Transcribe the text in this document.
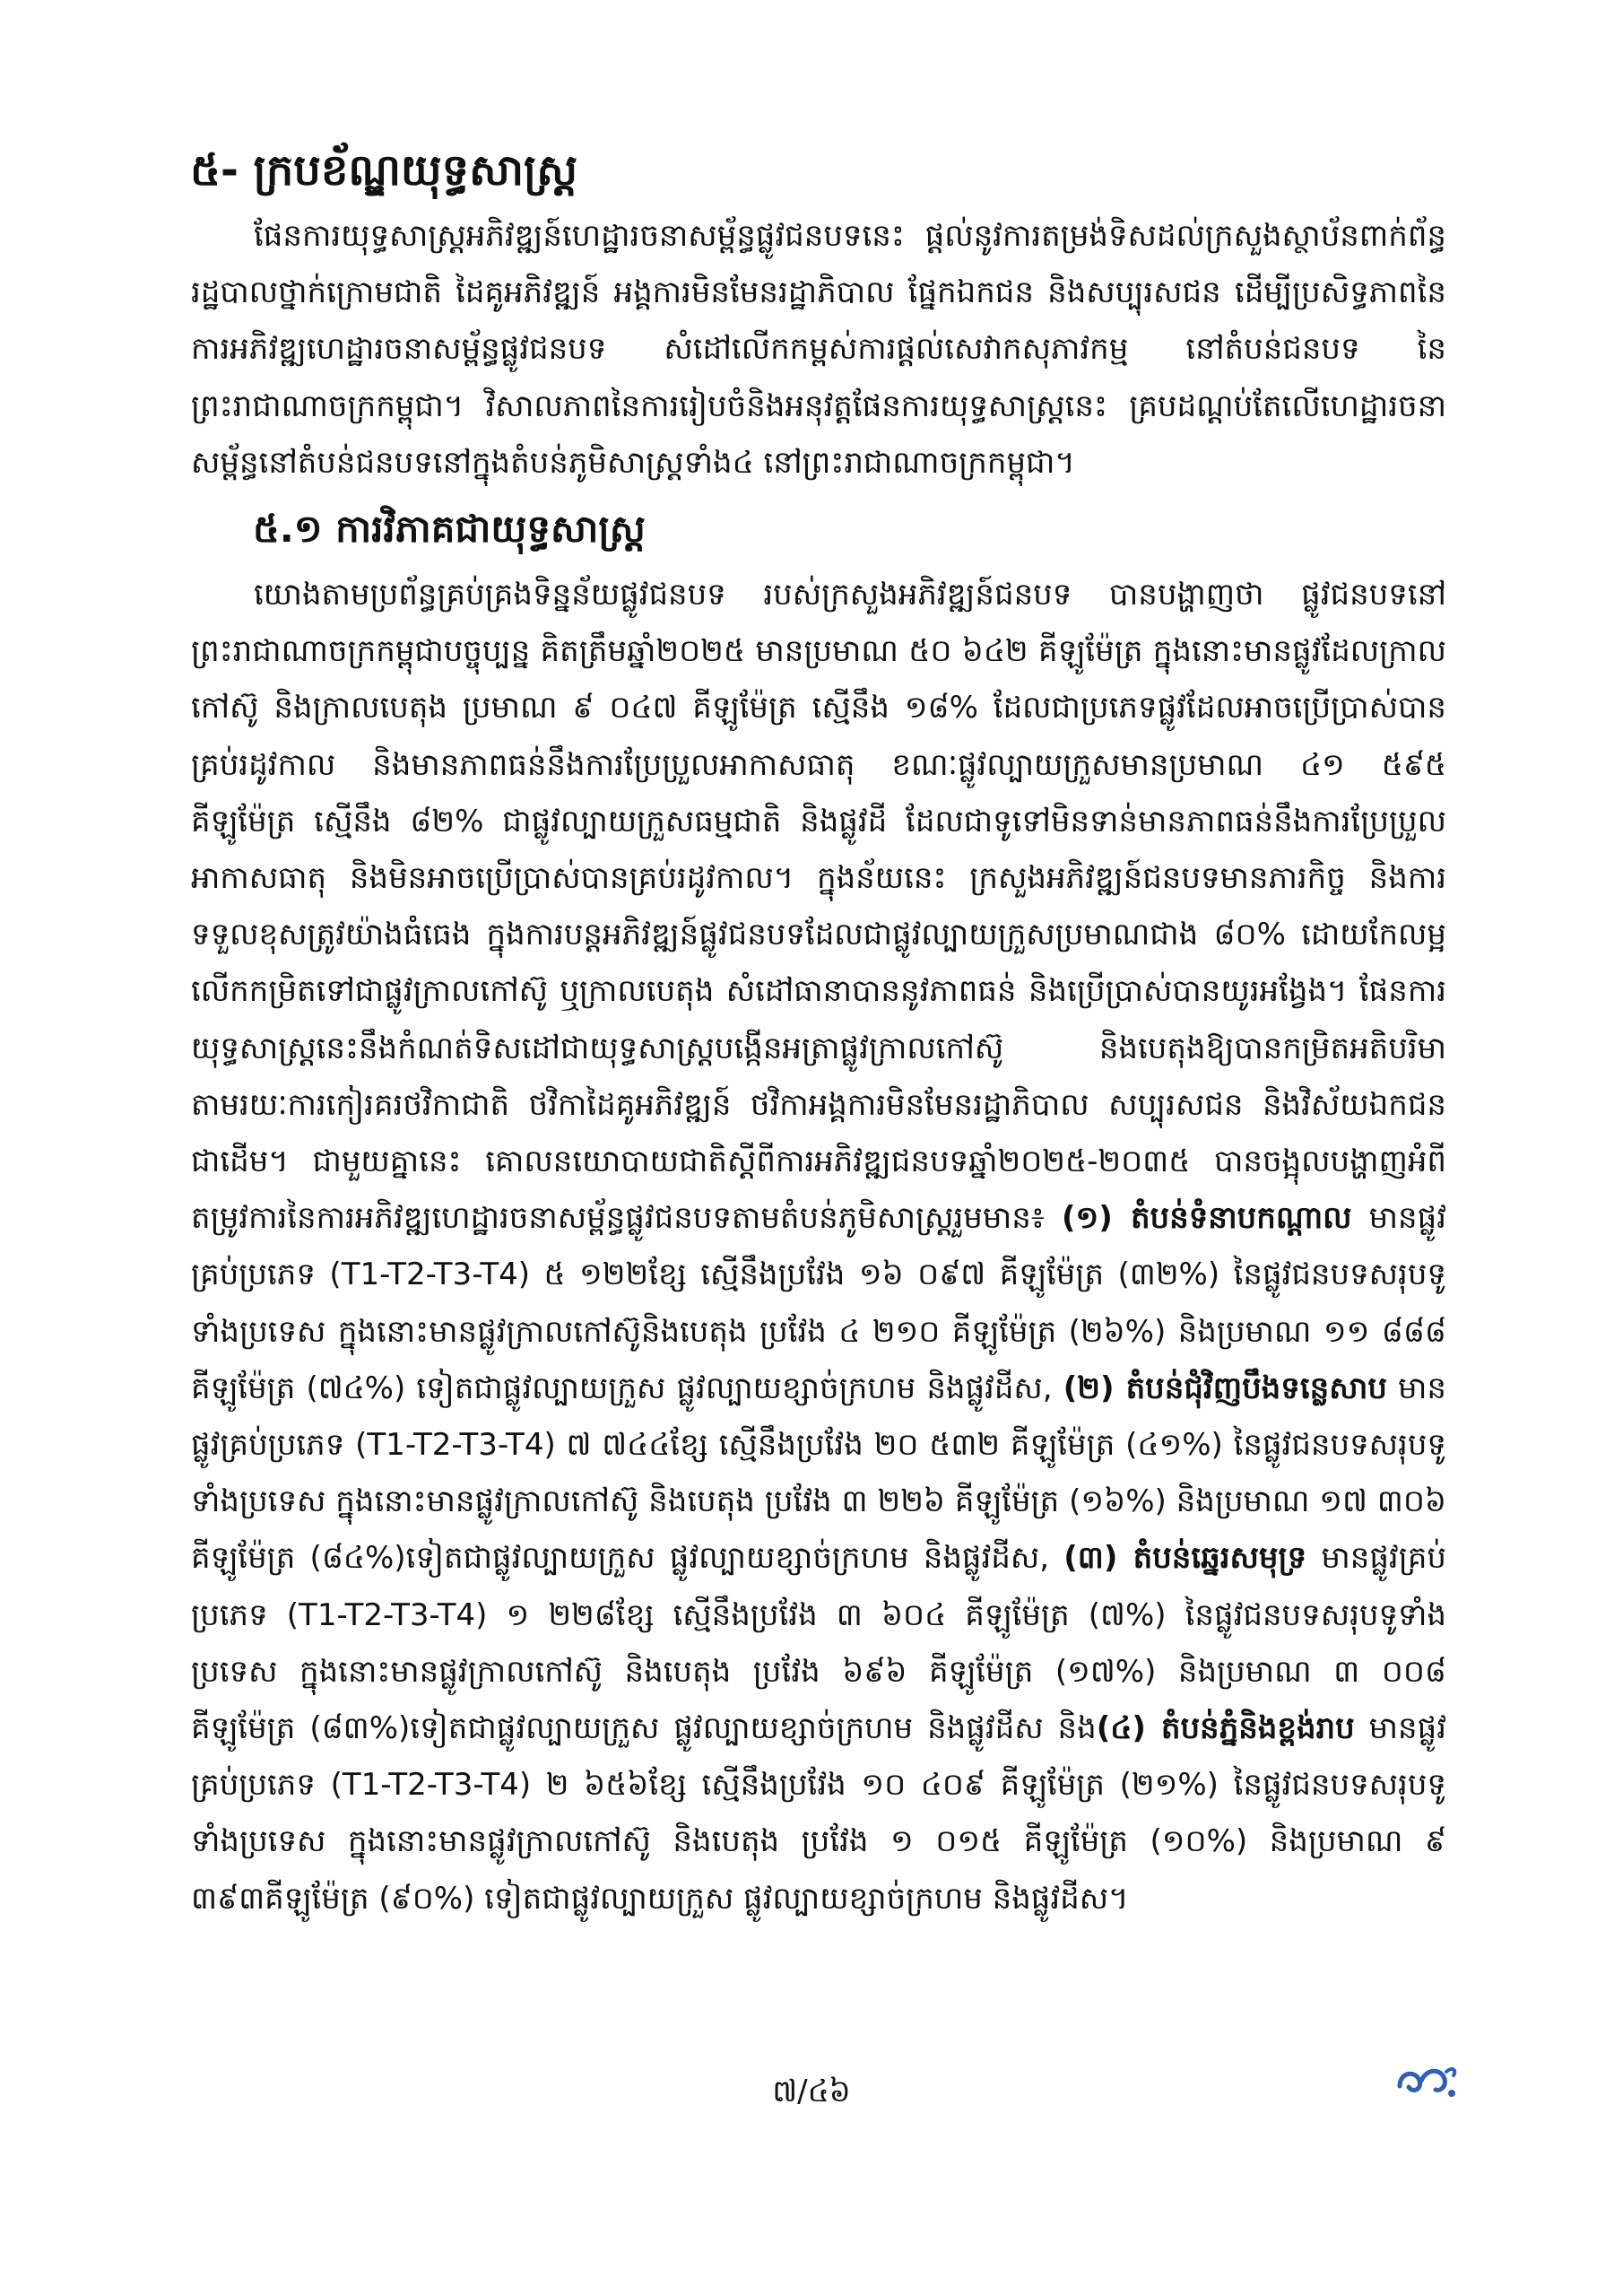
៥- ក្របខ័ណ្ឌយុទ្ធសាស្ត្រ

ផែនការយុទ្ធសាស្ត្រអភិវឌ្ឍន៍ហេដ្ឋារចនាសម្ព័ន្ធផ្លូវជនបទនេះ ផ្តល់នូវការតម្រង់ទិសដល់ក្រសួងស្ថាប័នពាក់ព័ន្ធ រដ្ឋបាលថ្នាក់ក្រោមជាតិ ដៃគូអភិវឌ្ឍន៍ អង្គការមិនមែនរដ្ឋាភិបាល ផ្នែកឯកជន និងសប្បុរសជន ដើម្បីប្រសិទ្ធភាពនៃការអភិវឌ្ឍហេដ្ឋារចនាសម្ព័ន្ធផ្លូវជនបទ សំដៅលើកកម្ពស់ការផ្តល់សេវាកសុភាវកម្ម នៅតំបន់ជនបទ នៃព្រះរាជាណាចក្រកម្ពុជា។ វិសាលភាពនៃការរៀបចំនិងអនុវត្តផែនការយុទ្ធសាស្ត្រនេះ គ្របដណ្តប់តែលើហេដ្ឋារចនាសម្ព័ន្ធនៅតំបន់ជនបទនៅក្នុងតំបន់ភូមិសាស្ត្រទាំង៤ នៅព្រះរាជាណាចក្រកម្ពុជា។

៥.១ ការវិភាគជាយុទ្ធសាស្ត្រ

យោងតាមប្រព័ន្ធគ្រប់គ្រងទិន្នន័យផ្លូវជនបទ របស់ក្រសួងអភិវឌ្ឍន៍ជនបទ បានបង្ហាញថា ផ្លូវជនបទនៅព្រះរាជាណាចក្រកម្ពុជាបច្ចុប្បន្ន គិតត្រឹមឆ្នាំ២០២៥ មានប្រមាណ ៥០ ៦៤២ គីឡូម៉ែត្រ ក្នុងនោះមានផ្លូវដែលក្រាលកៅស៊ូ និងក្រាលបេតុង ប្រមាណ ៩ ០៤៧ គីឡូម៉ែត្រ ស្មើនឹង ១៨% ដែលជាប្រភេទផ្លូវដែលអាចប្រើប្រាស់បានគ្រប់រដូវកាល និងមានភាពធន់នឹងការប្រែប្រួលអាកាសធាតុ ខណៈផ្លូវល្បាយក្រួសមានប្រមាណ ៤១ ៥៩៥ គីឡូម៉ែត្រ ស្មើនឹង ៨២% ជាផ្លូវល្បាយក្រួសធម្មជាតិ និងផ្លូវដី ដែលជាទូទៅមិនទាន់មានភាពធន់នឹងការប្រែប្រួលអាកាសធាតុ និងមិនអាចប្រើប្រាស់បានគ្រប់រដូវកាល។ ក្នុងន័យនេះ ក្រសួងអភិវឌ្ឍន៍ជនបទមានភារកិច្ច និងការទទួលខុសត្រូវយ៉ាងធំធេង ក្នុងការបន្តអភិវឌ្ឍន៍ផ្លូវជនបទដែលជាផ្លូវល្បាយក្រួសប្រមាណជាង ៨០% ដោយកែលម្អលើកកម្រិតទៅជាផ្លូវក្រាលកៅស៊ូ ឬក្រាលបេតុង សំដៅធានាបាននូវភាពធន់ និងប្រើប្រាស់បានយូរអង្វែង។ ផែនការយុទ្ធសាស្ត្រនេះនឹងកំណត់ទិសដៅជាយុទ្ធសាស្ត្របង្កើនអត្រាផ្លូវក្រាលកៅស៊ូ និងបេតុងឱ្យបានកម្រិតអតិបរិមា តាមរយៈការកៀរគរថវិកាជាតិ ថវិកាដៃគូអភិវឌ្ឍន៍ ថវិកាអង្គការមិនមែនរដ្ឋាភិបាល សប្បុរសជន និងវិស័យឯកជនជាដើម។ ជាមួយគ្នានេះ គោលនយោបាយជាតិស្តីពីការអភិវឌ្ឍជនបទឆ្នាំ២០២៥-២០៣៥ បានចង្អុលបង្ហាញអំពីតម្រូវការនៃការអភិវឌ្ឍហេដ្ឋារចនាសម្ព័ន្ធផ្លូវជនបទតាមតំបន់ភូមិសាស្ត្ររួមមាន៖ (១) តំបន់ទំនាបកណ្តាល មានផ្លូវគ្រប់ប្រភេទ (T1-T2-T3-T4) ៥ ១២២ខ្សែ ស្មើនឹងប្រវែង ១៦ ០៩៧ គីឡូម៉ែត្រ (៣២%) នៃផ្លូវជនបទសរុបទូទាំងប្រទេស ក្នុងនោះមានផ្លូវក្រាលកៅស៊ូនិងបេតុង ប្រវែង ៤ ២១០ គីឡូម៉ែត្រ (២៦%) និងប្រមាណ ១១ ៨៨៨ គីឡូម៉ែត្រ (៧៤%) ទៀតជាផ្លូវល្បាយក្រួស ផ្លូវល្បាយខ្សាច់ក្រហម និងផ្លូវដីស, (២) តំបន់ជុំវិញបឹងទន្លេសាប មានផ្លូវគ្រប់ប្រភេទ (T1-T2-T3-T4) ៧ ៧៤៤ខ្សែ ស្មើនឹងប្រវែង ២០ ៥៣២ គីឡូម៉ែត្រ (៤១%) នៃផ្លូវជនបទសរុបទូទាំងប្រទេស ក្នុងនោះមានផ្លូវក្រាលកៅស៊ូ និងបេតុង ប្រវែង ៣ ២២៦ គីឡូម៉ែត្រ (១៦%) និងប្រមាណ ១៧ ៣០៦ គីឡូម៉ែត្រ (៨៤%)ទៀតជាផ្លូវល្បាយក្រួស ផ្លូវល្បាយខ្សាច់ក្រហម និងផ្លូវដីស, (៣) តំបន់ឆ្នេរសមុទ្រ មានផ្លូវគ្រប់ប្រភេទ (T1-T2-T3-T4) ១ ២២៨ខ្សែ ស្មើនឹងប្រវែង ៣ ៦០៤ គីឡូម៉ែត្រ (៧%) នៃផ្លូវជនបទសរុបទូទាំងប្រទេស ក្នុងនោះមានផ្លូវក្រាលកៅស៊ូ និងបេតុង ប្រវែង ៦៩៦ គីឡូម៉ែត្រ (១៧%) និងប្រមាណ ៣ ០០៨ គីឡូម៉ែត្រ (៨៣%)ទៀតជាផ្លូវល្បាយក្រួស ផ្លូវល្បាយខ្សាច់ក្រហម និងផ្លូវដីស និង(៤) តំបន់ភ្នំនិងខ្ពង់រាប មានផ្លូវគ្រប់ប្រភេទ (T1-T2-T3-T4) ២ ៦៥៦ខ្សែ ស្មើនឹងប្រវែង ១០ ៤០៩ គីឡូម៉ែត្រ (២១%) នៃផ្លូវជនបទសរុបទូទាំងប្រទេស ក្នុងនោះមានផ្លូវក្រាលកៅស៊ូ និងបេតុង ប្រវែង ១ ០១៥ គីឡូម៉ែត្រ (១០%) និងប្រមាណ ៩ ៣៩៣គីឡូម៉ែត្រ (៩០%) ទៀតជាផ្លូវល្បាយក្រួស ផ្លូវល្បាយខ្សាច់ក្រហម និងផ្លូវដីស។

៧/៤៦
